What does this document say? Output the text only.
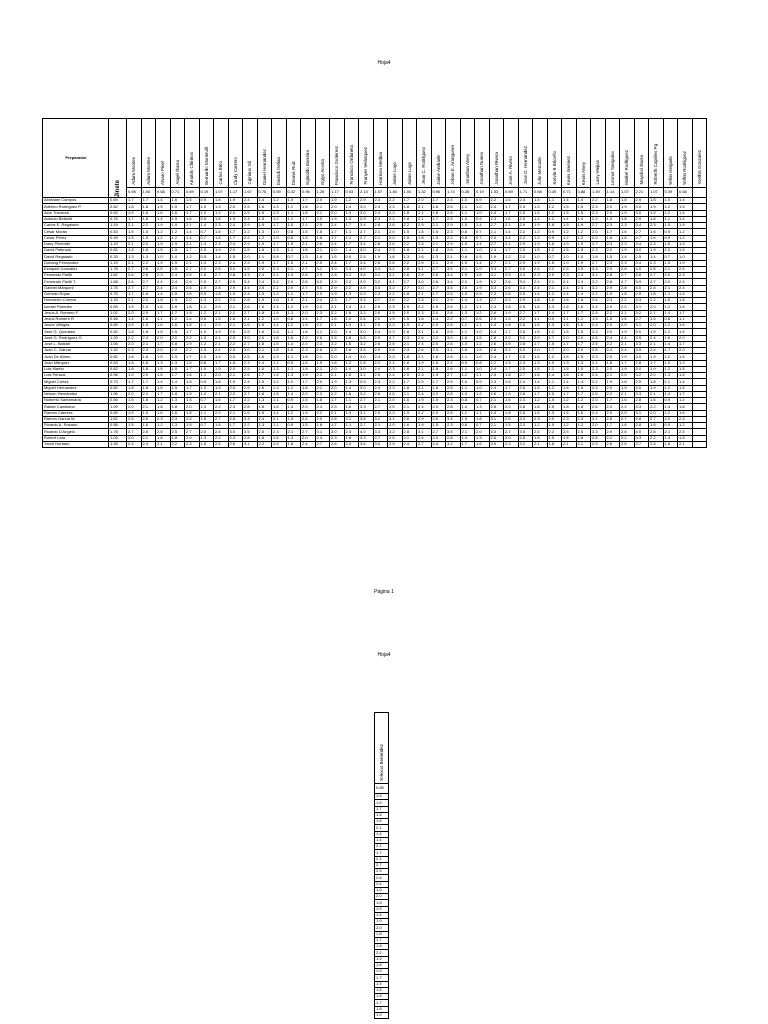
Hoja4
Preparador	Jinete	Adam Montes	Adam Montes	Alvaro Pinel	Angel Ibarra	Arnaldo Chirinos	Bernardo Monteulli	Carlos Brito	Cindy Carrero	Cipriano Gil	Daniel Hernández	Darrick Delian	Dennis Ruiz	Eginaldo Barreira	Eglys Acosta	Francisco Gutiérrez	Francisco Ordaneta	Franyer Velásquez	Harrison Medina	Jaime Lugo	Jaime Lugo	Jean C. Rodríguez	Jaime Andrade	Johan E. Aranguren	Jonathan Alvey	Jonathan Nunes	Jonathan Rivera	José A. Rivero	José D. Hernández	Julio Mercado	Kervin B Briceño	Kevin Jiménez	Kevin Alvey	Larry Mejias	Leonor Sanguino	Maikel Rodriguez	Mayckol Ibarra	Roberth Capriles Pg	Yefrin Delgado	Yelfrin Rodríguez	Yoelbis Gonzalez

		0.98	1.00	0.68	0.71	0.69	0.19	1.07	1.17	1.67	0.75	0.59	0.32	0.96	1.28	1.17	0.53	2.13	1.57	1.46	1.00	1.32	0.96	1.74	0.28	0.19	1.53	0.69	1.71	0.68	0.39	0.71	0.88	1.49	1.14	1.07	2.21	1.07	0.39	0.68	
Abraham Campos	0.69	1.7	1.7	1.4	1.6	1.6	0.9	1.8	1.9	2.4	1.4	1.2	1.0	1.7	2.0	1.9	1.2	2.9	2.3	2.2	1.7	2.0	1.7	2.4	1.0	0.9	2.2	1.6	2.4	1.4	1.1	1.4	1.4	2.2	1.8	1.8	2.9	1.8	1.0	1.4	
Adelmo Rodríguez P.	0.82	1.8	1.8	1.5	1.5	1.7	1.0	1.9	2.0	2.5	1.6	1.3	1.1	1.8	2.1	2.0	1.4	3.0	2.4	2.3	1.8	2.1	1.8	2.6	1.1	1.0	2.4	1.7	2.5	1.5	1.2	1.5	1.5	2.3	2.0	1.9	3.0	1.9	1.2	1.5	
Aldo Traversa	0.83	1.9	1.8	1.6	1.6	1.7	1.0	1.9	2.0	2.5	1.6	1.3	1.1	1.8	2.1	2.0	1.4	3.0	2.4	2.3	1.8	2.1	1.8	2.6	1.1	1.0	2.4	1.7	2.5	1.5	1.2	1.5	1.5	2.3	2.0	1.9	3.0	1.9	1.2	1.5	
Antonio Bellardi	0.76	1.7	1.8	1.4	1.5	1.6	0.9	1.8	1.9	2.4	1.5	1.2	1.1	1.7	2.0	1.9	1.3	2.9	2.3	2.2	1.8	2.1	1.7	2.5	1.0	0.9	2.3	1.6	2.5	1.4	1.2	1.4	1.4	2.2	1.9	1.8	2.9	1.8	1.1	1.4	
Carlos E. Regalado	1.19	2.1	2.2	1.9	1.9	2.1	1.4	2.3	2.4	2.9	1.9	1.7	1.5	2.1	2.5	2.4	1.7	3.4	2.8	2.6	2.2	2.5	2.1	2.9	1.5	1.4	2.7	2.1	2.9	1.9	1.6	1.9	1.9	2.7	2.3	2.3	3.4	2.3	1.5	1.9	
César Morán	0.53	1.5	1.5	1.2	1.2	1.4	0.7	1.6	1.7	2.2	1.3	1.0	0.8	1.5	1.8	1.7	1.1	2.7	2.1	2.0	1.5	1.8	1.5	2.3	0.8	0.7	2.1	1.4	2.2	1.2	0.9	1.2	1.2	2.0	1.7	1.6	2.7	1.6	0.9	1.2	
César Pérez	0.49	1.5	1.5	1.2	1.2	1.4	0.7	1.6	1.7	2.2	1.2	1.0	0.8	1.5	1.8	1.7	1.1	2.7	2.1	2.0	1.5	1.8	1.5	2.2	0.8	0.7	2.0	1.4	2.2	1.2	0.9	1.2	1.2	2.0	1.6	1.6	2.7	1.6	0.9	1.2	
Dany Pimentel	1.19	2.1	2.2	1.9	1.9	2.1	1.4	2.3	2.4	2.9	1.9	1.7	1.5	2.1	2.5	2.4	1.7	3.4	2.8	2.6	2.2	2.5	2.1	2.9	1.5	1.4	2.7	2.1	2.9	1.9	1.6	1.9	1.9	2.7	2.3	2.3	3.4	2.3	1.5	1.9	
David Palencia	0.82	1.8	1.8	1.5	1.5	1.7	1.0	1.9	2.0	2.5	1.6	1.3	1.1	1.8	2.1	2.0	1.4	3.0	2.4	2.3	1.8	2.1	1.8	2.6	1.1	1.0	2.4	1.7	2.5	1.5	1.2	1.5	1.5	2.3	2.0	1.9	3.0	1.9	1.2	1.5	
David Regalado	0.33	1.3	1.3	1.0	1.0	1.2	0.5	1.4	1.5	2.0	1.1	0.8	0.7	1.3	1.6	1.5	0.9	2.5	1.9	1.8	1.3	1.6	1.3	2.1	0.6	0.5	1.9	1.2	2.0	1.0	0.7	1.0	1.0	1.8	1.5	1.4	2.5	1.4	0.7	1.0	
Dohang Fernández	1.19	2.1	2.2	1.9	1.9	2.1	1.4	2.3	2.4	2.9	1.9	1.7	1.5	2.1	2.5	2.4	1.7	3.4	2.8	2.6	2.2	2.5	2.1	2.9	1.5	1.4	2.7	2.1	2.9	1.9	1.6	1.9	1.9	2.7	2.3	2.3	3.4	2.3	1.5	1.9	
Ezequiel González	1.78	2.7	2.8	2.5	2.5	2.7	2.0	2.8	3.0	3.5	2.5	2.3	2.1	2.7	3.1	3.0	2.3	4.0	3.3	3.2	2.8	3.1	2.7	3.5	2.1	2.0	3.3	2.7	3.5	2.5	2.2	2.5	2.5	3.3	2.9	2.8	4.0	2.8	2.1	2.5	
Fernando Parilli	1.62	2.6	2.6	2.3	2.3	2.5	1.8	2.7	2.8	3.3	2.4	2.1	1.9	2.6	2.9	2.8	2.1	3.8	3.2	3.1	2.6	2.9	2.6	3.4	1.9	1.8	3.1	2.5	3.3	2.3	2.0	2.3	2.3	3.1	2.8	2.7	3.8	2.7	2.0	2.3	
Fernando Parilli T.	1.68	2.6	2.7	2.4	2.4	2.6	1.9	2.7	2.9	3.4	2.4	2.2	2.0	2.6	3.0	2.9	2.2	3.9	3.2	3.1	2.7	3.0	2.6	3.4	2.0	1.9	3.2	2.6	3.4	2.4	2.1	2.4	2.4	3.2	2.8	2.7	3.9	2.7	2.0	2.4	
Gabriel Márquez	1.75	2.7	2.7	2.4	2.4	2.6	1.9	2.8	2.9	3.4	2.5	2.2	2.0	2.7	3.0	2.9	2.2	3.9	3.3	3.2	2.7	3.0	2.7	3.5	2.0	1.9	3.3	2.6	3.4	2.4	2.1	2.4	2.4	3.2	2.9	2.8	4.0	2.8	2.1	2.4	
Germán Rojas	0.76	1.7	1.8	1.4	1.5	1.6	0.9	1.8	1.9	2.4	1.5	1.2	1.1	1.7	2.0	1.9	1.3	2.9	2.3	2.2	1.8	2.1	1.7	2.5	1.0	0.9	2.3	1.6	2.5	1.4	1.2	1.4	1.4	2.2	1.9	1.8	2.9	1.8	1.1	1.4	
Humberto Correia	1.15	2.1	2.2	1.8	1.9	2.0	1.3	2.2	2.3	2.8	1.9	1.6	1.5	2.1	2.4	2.3	1.7	3.3	2.7	2.6	2.2	2.5	2.1	2.9	1.4	1.3	2.7	2.0	2.9	1.8	1.6	1.8	1.8	2.6	2.3	2.2	3.3	2.2	1.5	1.8	
Ismael Paredes	0.89	1.9	1.9	1.6	1.6	1.8	1.1	2.0	2.1	2.6	1.6	1.4	1.2	1.9	2.2	2.1	1.4	3.1	2.5	2.3	1.9	2.2	1.9	2.6	1.2	1.1	2.4	1.8	2.6	1.6	1.3	1.6	1.6	2.4	2.0	2.0	3.1	2.0	1.2	1.6	
Jesús A. Romero F.	1.02	2.0	2.0	1.7	1.7	1.9	1.2	2.1	2.2	2.7	1.8	1.5	1.3	2.0	2.3	2.2	1.6	3.2	2.6	2.5	2.0	2.3	2.0	2.8	1.3	1.2	2.6	1.9	2.7	1.7	1.4	1.7	1.7	2.5	2.2	2.1	3.2	2.1	1.4	1.7	
Jesús Romero R.	0.46	1.4	1.5	1.1	1.2	1.4	0.6	1.5	1.6	2.1	1.2	1.0	0.8	1.4	1.7	1.6	1.0	2.6	2.0	1.9	1.5	1.8	1.4	2.2	0.7	0.6	2.0	1.4	2.2	1.1	0.9	1.1	1.1	1.9	1.6	1.5	2.7	1.5	0.8	1.1	
Jesús Villegas	0.89	1.9	1.9	1.6	1.6	1.8	1.1	2.0	2.1	2.6	1.6	1.4	1.2	1.9	2.2	2.1	1.4	3.1	2.5	2.3	1.9	2.2	1.9	2.6	1.2	1.1	2.4	1.8	2.6	1.6	1.3	1.6	1.6	2.4	2.0	2.0	3.1	2.0	1.2	1.6	
José G. Querales	0.82	1.8	1.8	1.5	1.5	1.7	1.0	1.9	2.0	2.5	1.6	1.3	1.1	1.8	2.1	2.0	1.4	3.0	2.4	2.3	1.8	2.1	1.8	2.6	1.1	1.0	2.4	1.7	2.5	1.5	1.2	1.5	1.5	2.3	2.0	1.9	3.0	1.9	1.2	1.5	
José G. Rodríguez G.	1.29	2.2	2.3	2.0	2.0	2.2	1.5	2.4	2.5	3.0	2.0	1.8	1.6	2.2	2.6	2.5	1.8	3.5	2.9	2.7	2.3	2.6	2.2	3.0	1.6	1.5	2.8	2.2	3.0	2.0	1.7	2.0	2.0	2.8	2.4	2.4	3.5	2.4	1.6	2.0	
José L. Balzán	1.06	2.0	2.1	1.7	1.8	1.9	1.2	2.1	2.2	2.7	1.8	1.5	1.4	2.0	2.3	2.2	1.6	3.2	2.6	2.5	2.1	2.4	2.0	2.8	1.3	1.2	2.6	1.9	2.8	1.7	1.5	1.7	1.7	2.5	2.2	2.1	3.3	2.1	1.4	1.7	
Juan C. García	1.32	2.3	2.3	2.0	2.0	2.2	1.5	2.4	2.5	3.0	2.1	1.8	1.6	2.3	2.6	2.5	1.8	3.5	2.9	2.8	2.3	2.6	2.3	3.1	1.6	1.5	2.8	2.2	3.0	2.0	1.7	2.0	2.0	2.8	2.4	2.4	3.5	2.4	1.7	2.0	
Juan De Abreu	0.82	1.8	1.8	1.5	1.5	1.7	1.0	1.9	2.0	2.5	1.6	1.3	1.1	1.8	2.1	2.0	1.4	3.0	2.4	2.3	1.8	2.1	1.8	2.6	1.1	1.0	2.4	1.7	2.5	1.5	1.2	1.5	1.5	2.3	2.0	1.9	3.0	1.9	1.2	1.5	
Juan Márquez	0.63	1.6	1.6	1.3	1.3	1.5	0.8	1.7	1.8	2.3	1.4	1.1	0.9	1.6	1.9	1.8	1.2	2.8	2.2	2.1	1.6	1.9	1.6	2.4	0.9	0.8	2.2	1.5	2.3	1.3	1.0	1.3	1.3	2.1	1.8	1.7	2.8	1.7	1.0	1.3	
Luis Martín	0.82	1.8	1.8	1.5	1.5	1.7	1.0	1.9	2.0	2.5	1.6	1.3	1.1	1.8	2.1	2.0	1.4	3.0	2.4	2.3	1.8	2.1	1.8	2.6	1.1	1.0	2.4	1.7	2.5	1.5	1.2	1.5	1.5	2.3	2.0	1.9	3.0	1.9	1.2	1.5	
Luis Peraza	0.96	1.9	2.0	1.6	1.7	1.8	1.1	2.0	2.1	2.6	1.7	1.4	1.3	1.9	2.2	2.1	1.5	3.1	2.5	2.4	2.0	2.3	1.9	2.7	1.2	1.1	2.5	1.8	2.7	1.6	1.4	1.6	1.6	2.4	2.1	2.0	3.2	2.0	1.3	1.6	
Miguel Cortez	0.73	1.7	1.7	1.4	1.4	1.6	0.9	1.8	1.9	2.4	1.5	1.2	1.0	1.7	2.0	1.9	1.3	2.9	2.3	2.2	1.7	2.0	1.7	2.5	1.0	0.9	2.3	1.6	2.4	1.4	1.1	1.4	1.4	2.2	1.9	1.8	2.9	1.8	1.1	1.4	
Miguel Hernández	0.82	1.8	1.8	1.5	1.5	1.7	1.0	1.9	2.0	2.5	1.6	1.3	1.1	1.8	2.1	2.0	1.4	3.0	2.4	2.3	1.8	2.1	1.8	2.6	1.1	1.0	2.4	1.7	2.5	1.5	1.2	1.5	1.5	2.3	2.0	1.9	3.0	1.9	1.2	1.5	
Nelson Hernández	1.06	2.0	2.1	1.7	1.8	1.9	1.2	2.1	2.2	2.7	1.8	1.5	1.4	2.0	2.3	2.2	1.6	3.2	2.6	2.5	2.1	2.4	2.0	2.8	1.3	1.2	2.6	1.9	2.8	1.7	1.5	1.7	1.7	2.5	2.2	2.1	3.3	2.1	1.4	1.7	
Nolberto Santamaría	0.56	1.5	1.6	1.2	1.3	1.5	0.7	1.6	1.7	2.2	1.3	1.1	0.9	1.5	1.8	1.7	1.1	2.7	2.1	2.0	1.6	1.9	1.5	2.3	0.8	0.7	2.1	1.5	2.3	1.2	1.0	1.2	1.2	2.0	1.7	1.6	2.8	1.6	0.9	1.2	
Rafael Cambiano	1.09	2.0	2.1	1.8	1.8	2.0	1.3	2.2	2.3	2.8	1.8	1.6	1.4	2.0	2.4	2.3	1.6	3.3	2.7	2.5	2.1	2.4	2.0	2.8	1.4	1.3	2.6	2.0	2.8	1.8	1.5	1.8	1.8	2.6	2.2	2.2	3.3	2.2	1.4	1.8	
Ramón Cabrera	0.89	1.9	1.9	1.6	1.6	1.8	1.1	2.0	2.1	2.6	1.6	1.4	1.2	1.9	2.2	2.1	1.4	3.1	2.5	2.3	1.9	2.2	1.9	2.6	1.2	1.1	2.4	1.8	2.6	1.6	1.3	1.6	1.6	2.4	2.0	2.0	3.1	2.0	1.2	1.6	
Ramón García M.	1.62	2.6	2.6	2.3	2.3	2.5	1.8	2.7	2.8	3.3	2.4	2.1	1.9	2.6	2.9	2.8	2.1	3.8	3.2	3.1	2.6	2.9	2.6	3.4	1.9	1.8	3.1	2.5	3.3	2.3	2.0	2.3	2.3	3.1	2.8	2.7	3.8	2.7	2.0	2.3	
Ricardo A. Rosario	0.56	1.5	1.6	1.2	1.3	1.5	0.7	1.6	1.7	2.2	1.3	1.1	0.9	1.5	1.8	1.7	1.1	2.7	2.1	2.0	1.6	1.9	1.5	2.3	0.8	0.7	2.1	1.5	2.3	1.2	1.0	1.2	1.2	2.0	1.7	1.6	2.8	1.6	0.9	1.2	
Ricardo D'Angelo	1.78	2.7	2.8	2.5	2.5	2.7	2.0	2.8	3.0	3.5	2.5	2.3	2.1	2.7	3.1	3.0	2.3	4.0	3.3	3.2	2.8	3.1	2.7	3.5	2.1	2.0	3.3	2.7	3.5	2.5	2.2	2.5	2.5	3.3	2.9	2.8	4.0	2.8	2.1	2.5	
Robert Lara	1.09	2.0	2.1	1.8	1.8	2.0	1.3	2.2	2.3	2.8	1.8	1.6	1.4	2.0	2.4	2.3	1.6	3.3	2.7	2.5	2.1	2.4	2.0	2.8	1.4	1.3	2.6	2.0	2.8	1.8	1.5	1.8	1.8	2.6	2.2	2.2	3.3	2.2	1.4	1.8	
Yamir Hurtado	1.45	2.4	2.4	2.1	2.2	2.3	1.6	2.5	2.6	3.1	2.2	1.9	1.8	2.4	2.7	2.6	2.0	3.6	3.0	2.9	2.4	2.7	2.4	3.2	1.7	1.6	3.0	2.3	3.2	2.1	1.8	2.1	2.1	2.9	2.6	2.5	3.7	2.5	1.8	2.1	
Página 1
Hoja4
Yolexus Bermúdez

0.89
1.5
1.6
1.7
1.5
1.6
2.1
1.4
1.4
2.1
1.7
2.1
2.7
2.5
2.6
2.6
1.6
2.0
1.8
1.9
1.4
1.9
2.0
1.8
1.7
1.8
2.2
1.9
1.8
1.9
1.7
1.5
1.6
1.8
1.7
1.8
1.9
